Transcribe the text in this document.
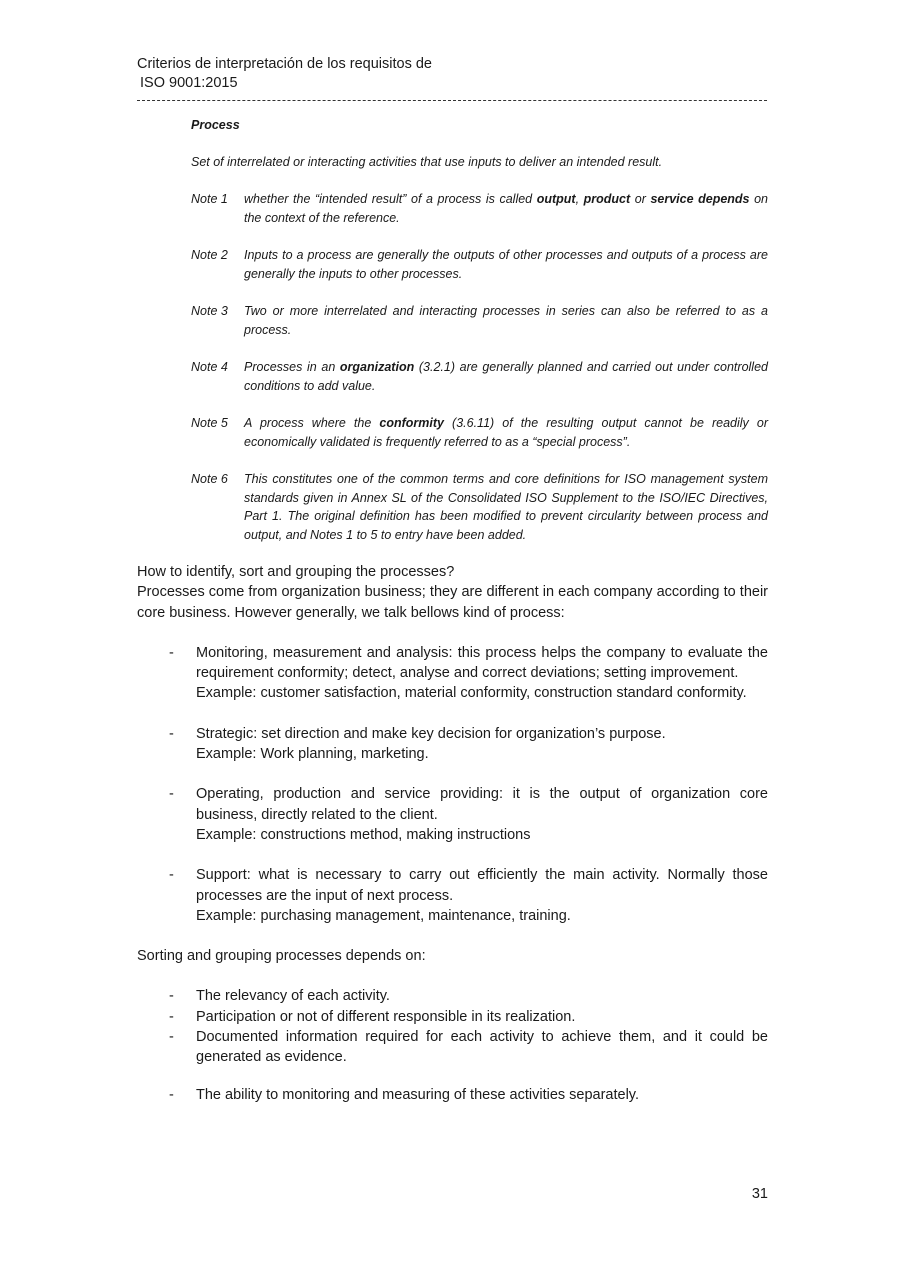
Criterios de interpretación de los requisitos de
ISO 9001:2015
Process
Set of interrelated or interacting activities that use inputs to deliver an intended result.
Note 1	whether the “intended result” of a process is called output, product or service depends on the context of the reference.
Note 2	Inputs to a process are generally the outputs of other processes and outputs of a process are generally the inputs to other processes.
Note 3	Two or more interrelated and interacting processes in series can also be referred to as a process.
Note 4	Processes in an organization (3.2.1) are generally planned and carried out under controlled conditions to add value.
Note 5	A process where the conformity (3.6.11) of the resulting output cannot be readily or economically validated is frequently referred to as a “special process”.
Note 6	This constitutes one of the common terms and core definitions for ISO management system standards given in Annex SL of the Consolidated ISO Supplement to the ISO/IEC Directives, Part 1. The original definition has been modified to prevent circularity between process and output, and Notes 1 to 5 to entry have been added.

How to identify, sort and grouping the processes?

Processes come from organization business; they are different in each company according to their core business. However generally, we talk bellows kind of process:

-	Monitoring, measurement and analysis: this process helps the company to evaluate the requirement conformity; detect, analyse and correct deviations; setting improvement.
Example: customer satisfaction, material conformity, construction standard conformity.
-	Strategic: set direction and make key decision for organization’s purpose.
Example: Work planning, marketing.
-	Operating, production and service providing: it is the output of organization core business, directly related to the client.
Example: constructions method, making instructions
-	Support: what is necessary to carry out efficiently the main activity. Normally those processes are the input of next process.
Example: purchasing management, maintenance, training.

Sorting and grouping processes depends on:

-	The relevancy of each activity.
-	Participation or not of different responsible in its realization.
-	Documented information required for each activity to achieve them, and it could be generated as evidence.
-	The ability to monitoring and measuring of these activities separately.
31
